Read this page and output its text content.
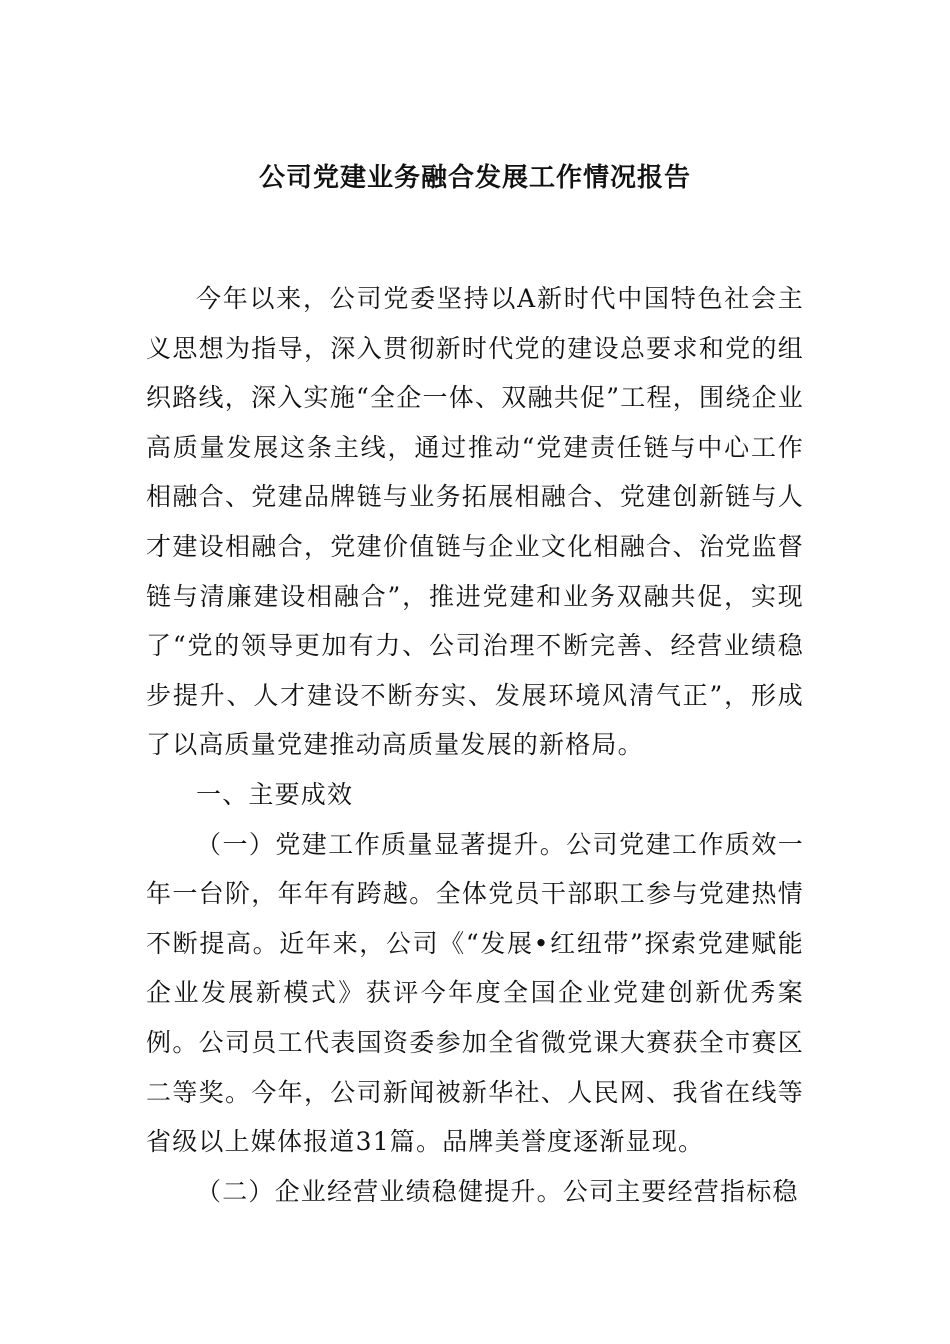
公司党建业务融合发展工作情况报告

今年以来，公司党委坚持以A新时代中国特色社会主义思想为指导，深入贯彻新时代党的建设总要求和党的组织路线，深入实施“全企一体、双融共促”工程，围绕企业高质量发展这条主线，通过推动“党建责任链与中心工作相融合、党建品牌链与业务拓展相融合、党建创新链与人才建设相融合，党建价值链与企业文化相融合、治党监督链与清廉建设相融合”，推进党建和业务双融共促，实现了“党的领导更加有力、公司治理不断完善、经营业绩稳步提升、人才建设不断夯实、发展环境风清气正”，形成了以高质量党建推动高质量发展的新格局。

一、主要成效

（一）党建工作质量显著提升。公司党建工作质效一年一台阶，年年有跨越。全体党员干部职工参与党建热情不断提高。近年来，公司《“发展•红纽带”探索党建赋能企业发展新模式》获评今年度全国企业党建创新优秀案例。公司员工代表国资委参加全省微党课大赛获全市赛区二等奖。今年，公司新闻被新华社、人民网、我省在线等省级以上媒体报道31篇。品牌美誉度逐渐显现。

（二）企业经营业绩稳健提升。公司主要经营指标稳
